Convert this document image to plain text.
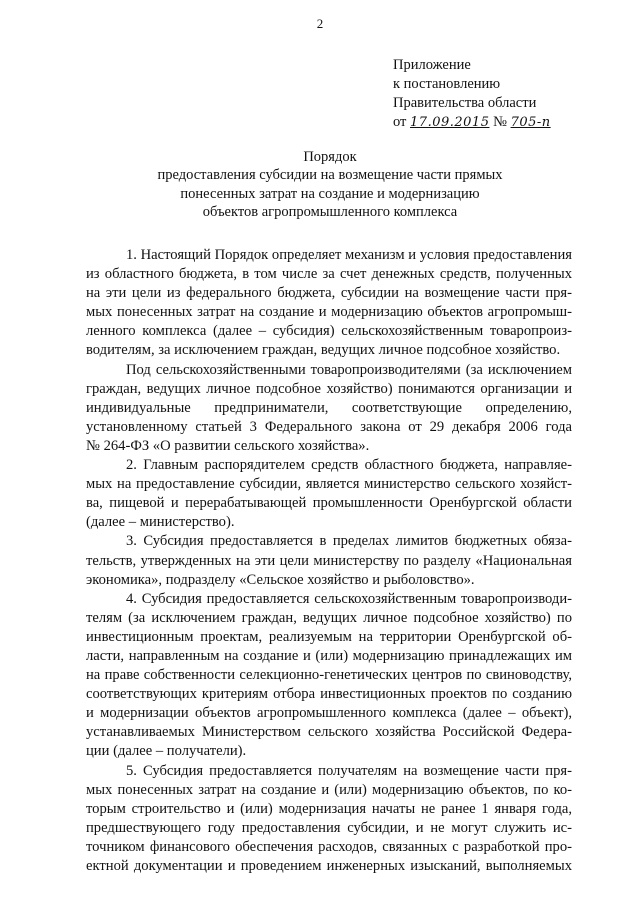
2
Приложение
к постановлению
Правительства области
от 17.09.2015 № 705-п
Порядок
предоставления субсидии на возмещение части прямых
понесенных затрат на создание и модернизацию
объектов агропромышленного комплекса
1. Настоящий Порядок определяет механизм и условия предоставления
из областного бюджета, в том числе за счет денежных средств, полученных
на эти цели из федерального бюджета, субсидии на возмещение части пря-
мых понесенных затрат на создание и модернизацию объектов агропромыш-
ленного комплекса (далее – субсидия) сельскохозяйственным товаропроиз-
водителям, за исключением граждан, ведущих личное подсобное хозяйство.
Под сельскохозяйственными товаропроизводителями (за исключением
граждан, ведущих личное подсобное хозяйство) понимаются организации и
индивидуальные предприниматели, соответствующие определению,
установленному статьей 3 Федерального закона от 29 декабря 2006 года
№ 264-ФЗ «О развитии сельского хозяйства».
2. Главным распорядителем средств областного бюджета, направляе-
мых на предоставление субсидии, является министерство сельского хозяйст-
ва, пищевой и перерабатывающей промышленности Оренбургской области
(далее – министерство).
3. Субсидия предоставляется в пределах лимитов бюджетных обяза-
тельств, утвержденных на эти цели министерству по разделу «Национальная
экономика», подразделу «Сельское хозяйство и рыболовство».
4. Субсидия предоставляется сельскохозяйственным товаропроизводи-
телям (за исключением граждан, ведущих личное подсобное хозяйство) по
инвестиционным проектам, реализуемым на территории Оренбургской об-
ласти, направленным на создание и (или) модернизацию принадлежащих им
на праве собственности селекционно-генетических центров по свиноводству,
соответствующих критериям отбора инвестиционных проектов по созданию
и модернизации объектов агропромышленного комплекса (далее – объект),
устанавливаемых Министерством сельского хозяйства Российской Федера-
ции (далее – получатели).
5. Субсидия предоставляется получателям на возмещение части пря-
мых понесенных затрат на создание и (или) модернизацию объектов, по ко-
торым строительство и (или) модернизация начаты не ранее 1 января года,
предшествующего году предоставления субсидии, и не могут служить ис-
точником финансового обеспечения расходов, связанных с разработкой про-
ектной документации и проведением инженерных изысканий, выполняемых
